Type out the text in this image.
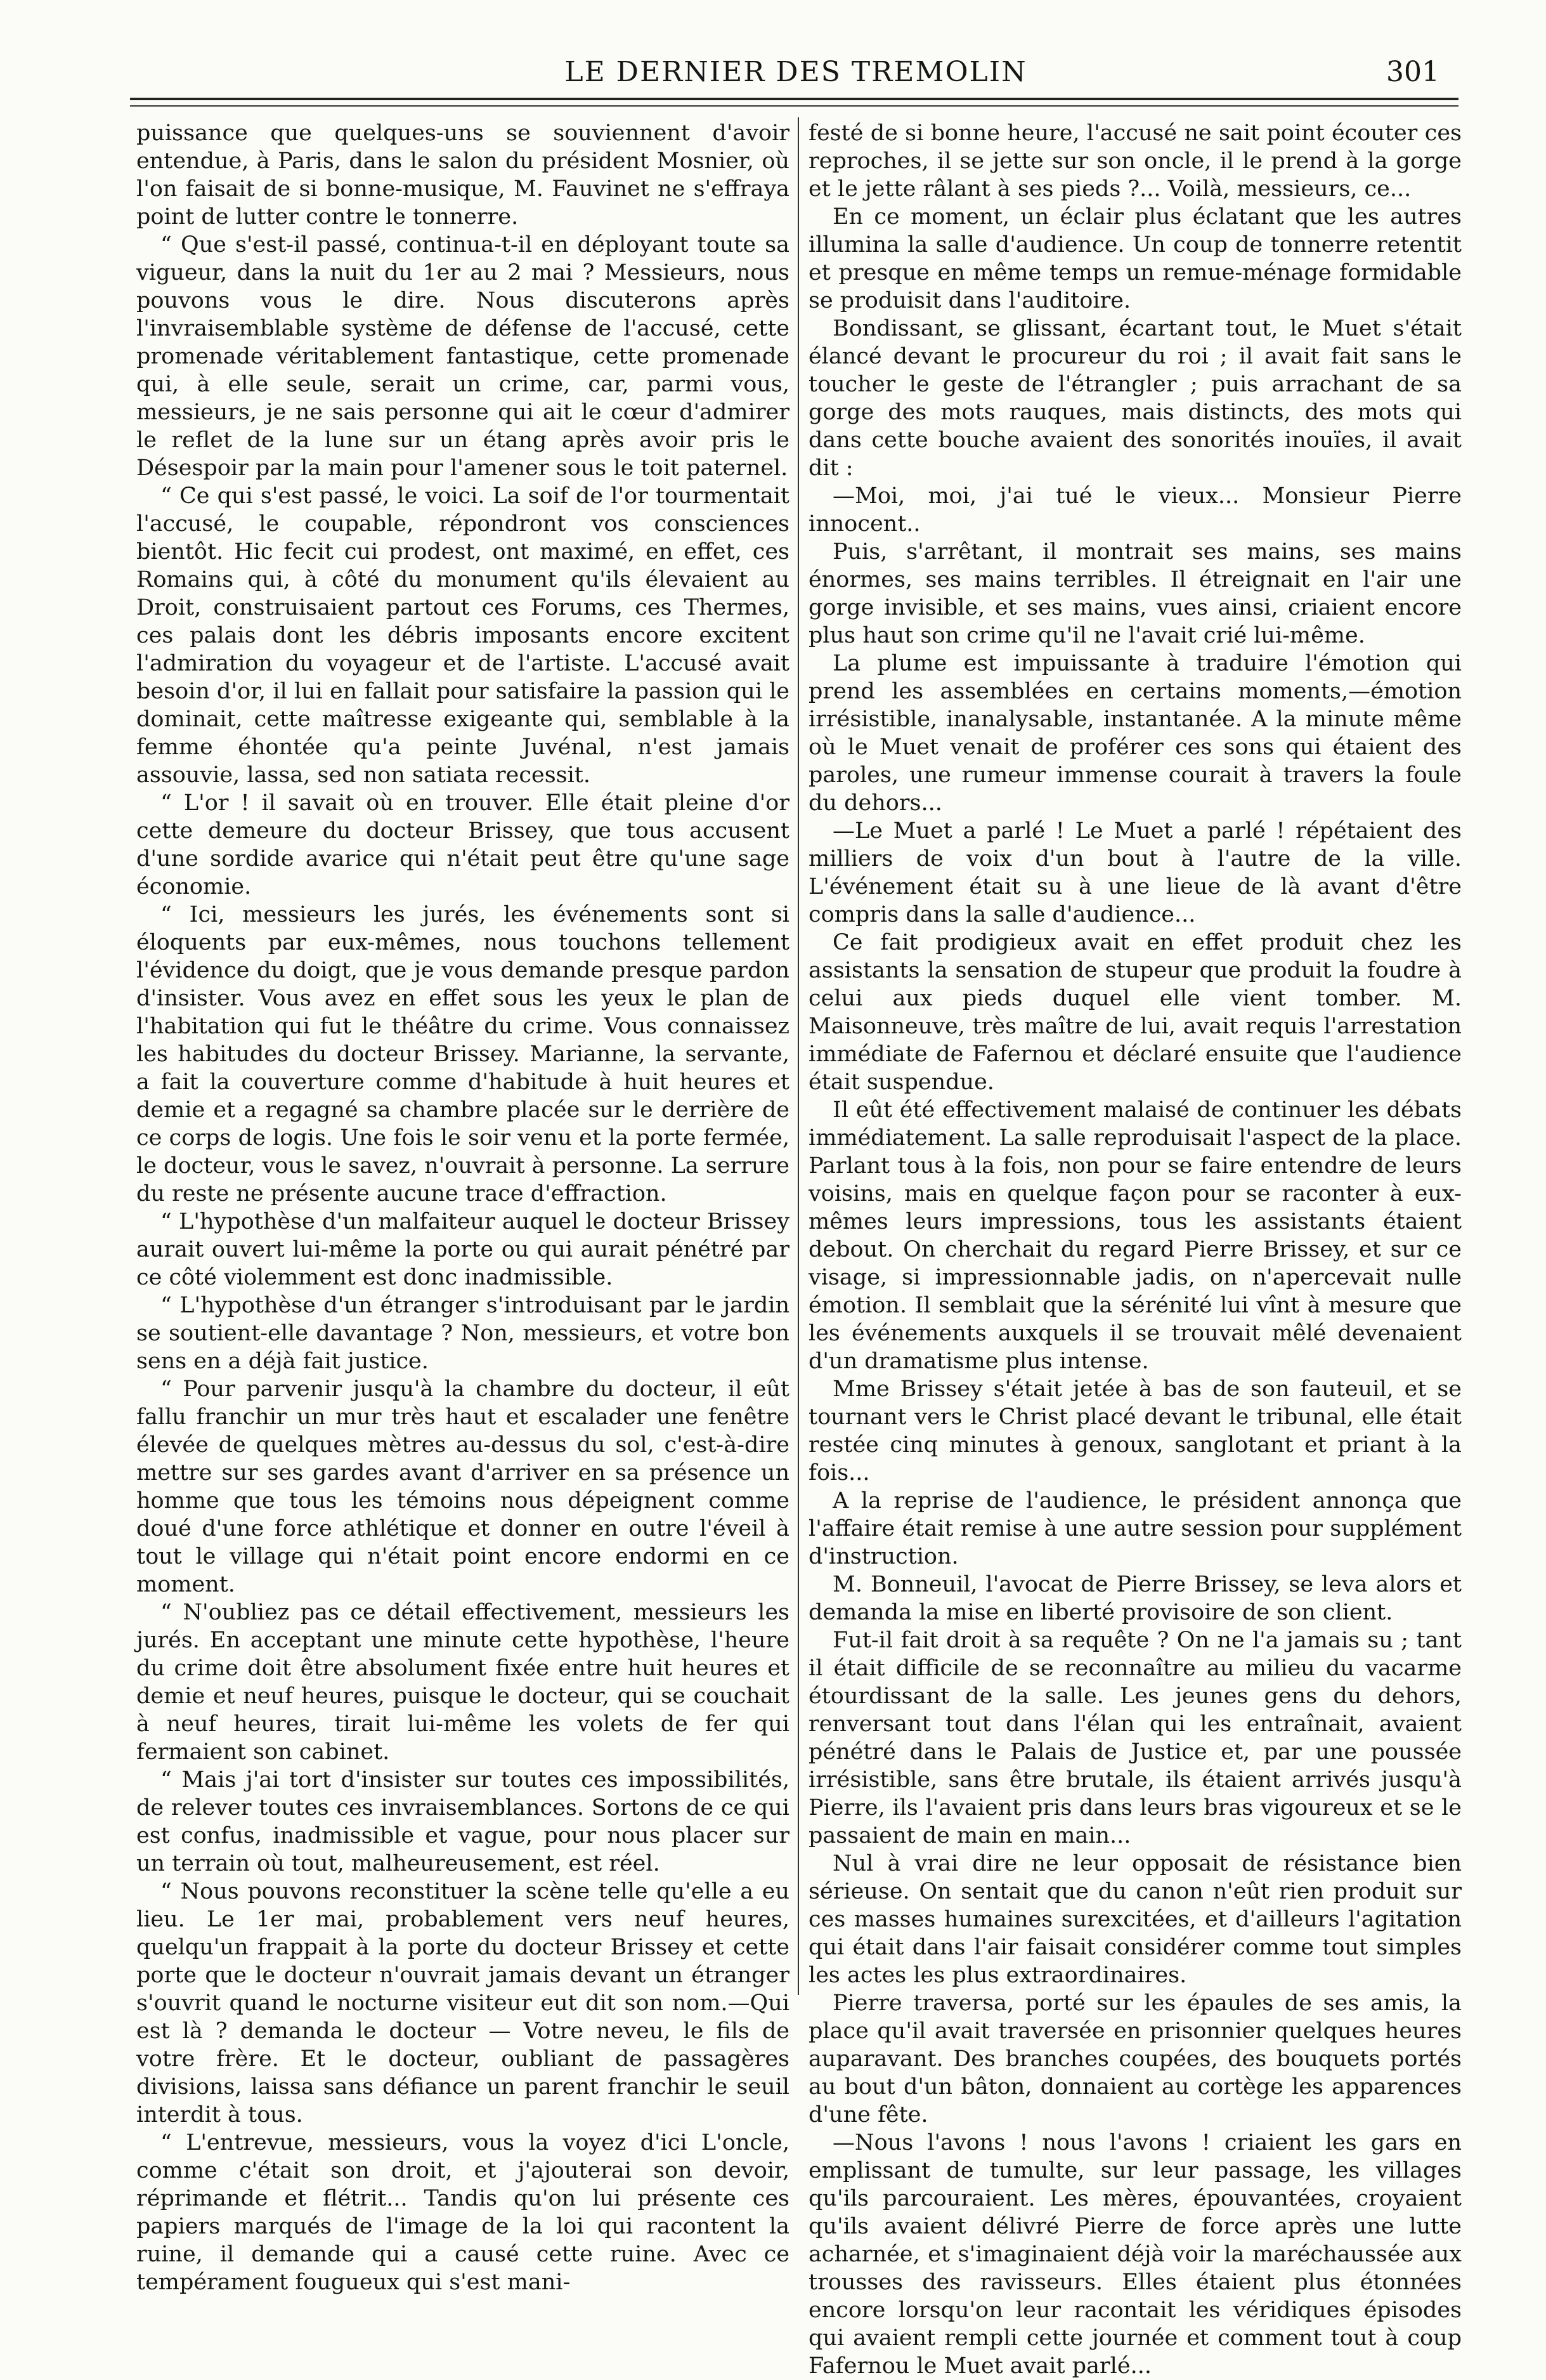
LE DERNIER DES TREMOLIN	301

puissance que quelques-uns se souviennent d'avoir entendue, à Paris, dans le salon du président Mosnier, où l'on faisait de si bonne-musique, M. Fauvinet ne s'effraya point de lutter contre le tonnerre.

“ Que s'est-il passé, continua-t-il en déployant toute sa vigueur, dans la nuit du 1er au 2 mai ? Messieurs, nous pouvons vous le dire. Nous discuterons après l'invraisemblable système de défense de l'accusé, cette promenade véritablement fantastique, cette promenade qui, à elle seule, serait un crime, car, parmi vous, messieurs, je ne sais personne qui ait le cœur d'admirer le reflet de la lune sur un étang après avoir pris le Désespoir par la main pour l'amener sous le toit paternel.

“ Ce qui s'est passé, le voici. La soif de l'or tourmentait l'accusé, le coupable, répondront vos consciences bientôt. Hic fecit cui prodest, ont maximé, en effet, ces Romains qui, à côté du monument qu'ils élevaient au Droit, construisaient partout ces Forums, ces Thermes, ces palais dont les débris imposants encore excitent l'admiration du voyageur et de l'artiste. L'accusé avait besoin d'or, il lui en fallait pour satisfaire la passion qui le dominait, cette maîtresse exigeante qui, semblable à la femme éhontée qu'a peinte Juvénal, n'est jamais assouvie, lassa, sed non satiata recessit.

“ L'or ! il savait où en trouver. Elle était pleine d'or cette demeure du docteur Brissey, que tous accusent d'une sordide avarice qui n'était peut être qu'une sage économie.

“ Ici, messieurs les jurés, les événements sont si éloquents par eux-mêmes, nous touchons tellement l'évidence du doigt, que je vous demande presque pardon d'insister. Vous avez en effet sous les yeux le plan de l'habitation qui fut le théâtre du crime. Vous connaissez les habitudes du docteur Brissey. Marianne, la servante, a fait la couverture comme d'habitude à huit heures et demie et a regagné sa chambre placée sur le derrière de ce corps de logis. Une fois le soir venu et la porte fermée, le docteur, vous le savez, n'ouvrait à personne. La serrure du reste ne présente aucune trace d'effraction.

“ L'hypothèse d'un malfaiteur auquel le docteur Brissey aurait ouvert lui-même la porte ou qui aurait pénétré par ce côté violemment est donc inadmissible.

“ L'hypothèse d'un étranger s'introduisant par le jardin se soutient-elle davantage ? Non, messieurs, et votre bon sens en a déjà fait justice.

“ Pour parvenir jusqu'à la chambre du docteur, il eût fallu franchir un mur très haut et escalader une fenêtre élevée de quelques mètres au-dessus du sol, c'est-à-dire mettre sur ses gardes avant d'arriver en sa présence un homme que tous les témoins nous dépeignent comme doué d'une force athlétique et donner en outre l'éveil à tout le village qui n'était point encore endormi en ce moment.

“ N'oubliez pas ce détail effectivement, messieurs les jurés. En acceptant une minute cette hypothèse, l'heure du crime doit être absolument fixée entre huit heures et demie et neuf heures, puisque le docteur, qui se couchait à neuf heures, tirait lui-même les volets de fer qui fermaient son cabinet.

“ Mais j'ai tort d'insister sur toutes ces impossibilités, de relever toutes ces invraisemblances. Sortons de ce qui est confus, inadmissible et vague, pour nous placer sur un terrain où tout, malheureusement, est réel.

“ Nous pouvons reconstituer la scène telle qu'elle a eu lieu. Le 1er mai, probablement vers neuf heures, quelqu'un frappait à la porte du docteur Brissey et cette porte que le docteur n'ouvrait jamais devant un étranger s'ouvrit quand le nocturne visiteur eut dit son nom.—Qui est là ? demanda le docteur — Votre neveu, le fils de votre frère. Et le docteur, oubliant de passagères divisions, laissa sans défiance un parent franchir le seuil interdit à tous.

“ L'entrevue, messieurs, vous la voyez d'ici L'oncle, comme c'était son droit, et j'ajouterai son devoir, réprimande et flétrit... Tandis qu'on lui présente ces papiers marqués de l'image de la loi qui racontent la ruine, il demande qui a causé cette ruine. Avec ce tempérament fougueux qui s'est mani-

festé de si bonne heure, l'accusé ne sait point écouter ces reproches, il se jette sur son oncle, il le prend à la gorge et le jette râlant à ses pieds ?... Voilà, messieurs, ce...

En ce moment, un éclair plus éclatant que les autres illumina la salle d'audience. Un coup de tonnerre retentit et presque en même temps un remue-ménage formidable se produisit dans l'auditoire.

Bondissant, se glissant, écartant tout, le Muet s'était élancé devant le procureur du roi ; il avait fait sans le toucher le geste de l'étrangler ; puis arrachant de sa gorge des mots rauques, mais distincts, des mots qui dans cette bouche avaient des sonorités inouïes, il avait dit :

—Moi, moi, j'ai tué le vieux... Monsieur Pierre innocent..

Puis, s'arrêtant, il montrait ses mains, ses mains énormes, ses mains terribles. Il étreignait en l'air une gorge invisible, et ses mains, vues ainsi, criaient encore plus haut son crime qu'il ne l'avait crié lui-même.

La plume est impuissante à traduire l'émotion qui prend les assemblées en certains moments,—émotion irrésistible, inanalysable, instantanée. A la minute même où le Muet venait de proférer ces sons qui étaient des paroles, une rumeur immense courait à travers la foule du dehors...

—Le Muet a parlé ! Le Muet a parlé ! répétaient des milliers de voix d'un bout à l'autre de la ville. L'événement était su à une lieue de là avant d'être compris dans la salle d'audience...

Ce fait prodigieux avait en effet produit chez les assistants la sensation de stupeur que produit la foudre à celui aux pieds duquel elle vient tomber. M. Maisonneuve, très maître de lui, avait requis l'arrestation immédiate de Fafernou et déclaré ensuite que l'audience était suspendue.

Il eût été effectivement malaisé de continuer les débats immédiatement. La salle reproduisait l'aspect de la place. Parlant tous à la fois, non pour se faire entendre de leurs voisins, mais en quelque façon pour se raconter à eux-mêmes leurs impressions, tous les assistants étaient debout. On cherchait du regard Pierre Brissey, et sur ce visage, si impressionnable jadis, on n'apercevait nulle émotion. Il semblait que la sérénité lui vînt à mesure que les événements auxquels il se trouvait mêlé devenaient d'un dramatisme plus intense.

Mme Brissey s'était jetée à bas de son fauteuil, et se tournant vers le Christ placé devant le tribunal, elle était restée cinq minutes à genoux, sanglotant et priant à la fois...

A la reprise de l'audience, le président annonça que l'affaire était remise à une autre session pour supplément d'instruction.

M. Bonneuil, l'avocat de Pierre Brissey, se leva alors et demanda la mise en liberté provisoire de son client.

Fut-il fait droit à sa requête ? On ne l'a jamais su ; tant il était difficile de se reconnaître au milieu du vacarme étourdissant de la salle. Les jeunes gens du dehors, renversant tout dans l'élan qui les entraînait, avaient pénétré dans le Palais de Justice et, par une poussée irrésistible, sans être brutale, ils étaient arrivés jusqu'à Pierre, ils l'avaient pris dans leurs bras vigoureux et se le passaient de main en main...

Nul à vrai dire ne leur opposait de résistance bien sérieuse. On sentait que du canon n'eût rien produit sur ces masses humaines surexcitées, et d'ailleurs l'agitation qui était dans l'air faisait considérer comme tout simples les actes les plus extraordinaires.

Pierre traversa, porté sur les épaules de ses amis, la place qu'il avait traversée en prisonnier quelques heures auparavant. Des branches coupées, des bouquets portés au bout d'un bâton, donnaient au cortège les apparences d'une fête.

—Nous l'avons ! nous l'avons ! criaient les gars en emplissant de tumulte, sur leur passage, les villages qu'ils parcouraient. Les mères, épouvantées, croyaient qu'ils avaient délivré Pierre de force après une lutte acharnée, et s'imaginaient déjà voir la maréchaussée aux trousses des ravisseurs. Elles étaient plus étonnées encore lorsqu'on leur racontait les véridiques épisodes qui avaient rempli cette journée et comment tout à coup Fafernou le Muet avait parlé...
